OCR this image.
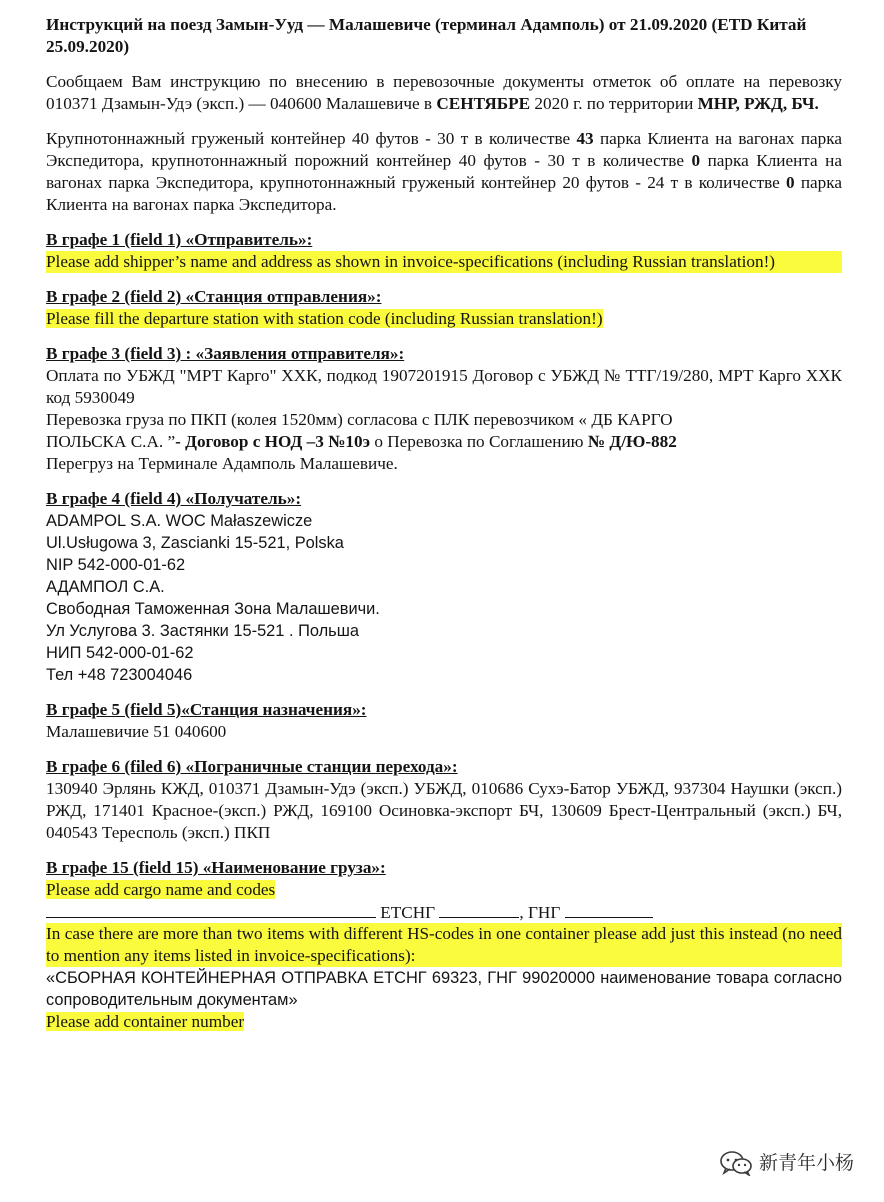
Инструкций на поезд Замын-Ууд — Малашевиче (терминал Адамполь) от 21.09.2020 (ETD Китай 25.09.2020)
Сообщаем Вам инструкцию по внесению в перевозочные документы отметок об оплате на перевозку 010371 Дзамын-Удэ (эксп.) — 040600 Малашевиче в СЕНТЯБРЕ 2020 г. по территории МНР, РЖД, БЧ.
Крупнотоннажный груженый контейнер 40 футов - 30 т в количестве 43 парка Клиента на вагонах парка Экспедитора, крупнотоннажный порожний контейнер 40 футов - 30 т в количестве 0 парка Клиента на вагонах парка Экспедитора, крупнотоннажный груженый контейнер 20 футов - 24 т в количестве 0 парка Клиента на вагонах парка Экспедитора.
В графе 1 (field 1) «Отправитель»:
Please add shipper’s name and address as shown in invoice-specifications (including Russian translation!)
В графе 2 (field 2) «Станция отправления»:
Please fill the departure station with station code (including Russian translation!)
В графе 3 (field 3) : «Заявления отправителя»:
Оплата по УБЖД "МРТ Карго" ХХК, подкод 1907201915 Договор с УБЖД № ТТГ/19/280, МРТ Карго ХХК код 5930049
Перевозка груза по ПКП (колея 1520мм) согласова с ПЛК перевозчиком « ДБ КАРГО
ПОЛЬСКА С.А. ”- Договор с НОД –3 №10э о Перевозка по Соглашению № Д/Ю-882
Перегруз на Терминале Адамполь Малашевиче.
В графе 4 (field 4) «Получатель»:
ADAMPOL S.A. WOC Małaszewicze
Ul.Usługowa 3, Zascianki 15-521, Polska
NIP 542-000-01-62
АДАМПОЛ С.А.
Свободная Таможенная Зона Малашевичи.
Ул Услугова 3. Застянки 15-521 . Польша
НИП 542-000-01-62
Тел +48 723004046
В графе 5 (field 5)«Станция назначения»:
Малашевичие 51 040600
В графе 6 (filed 6) «Пограничные станции перехода»:
130940 Эрлянь КЖД, 010371 Дзамын-Удэ (эксп.) УБЖД, 010686 Сухэ-Батор УБЖД, 937304 Наушки (эксп.) РЖД, 171401 Красное-(эксп.) РЖД, 169100 Осиновка-экспорт БЧ, 130609 Брест-Центральный (эксп.) БЧ, 040543 Тересполь (эксп.) ПКП
В графе 15 (field 15) «Наименование груза»:
Please add cargo name and codes
ЕТСНГ	, ГНГ
In case there are more than two items with different HS-codes in one container please add just this instead (no need to mention any items listed in invoice-specifications):
«СБОРНАЯ КОНТЕЙНЕРНАЯ ОТПРАВКА ЕТСНГ 69323, ГНГ 99020000 наименование товара согласно сопроводительным документам»
Please add container number
新青年小杨
